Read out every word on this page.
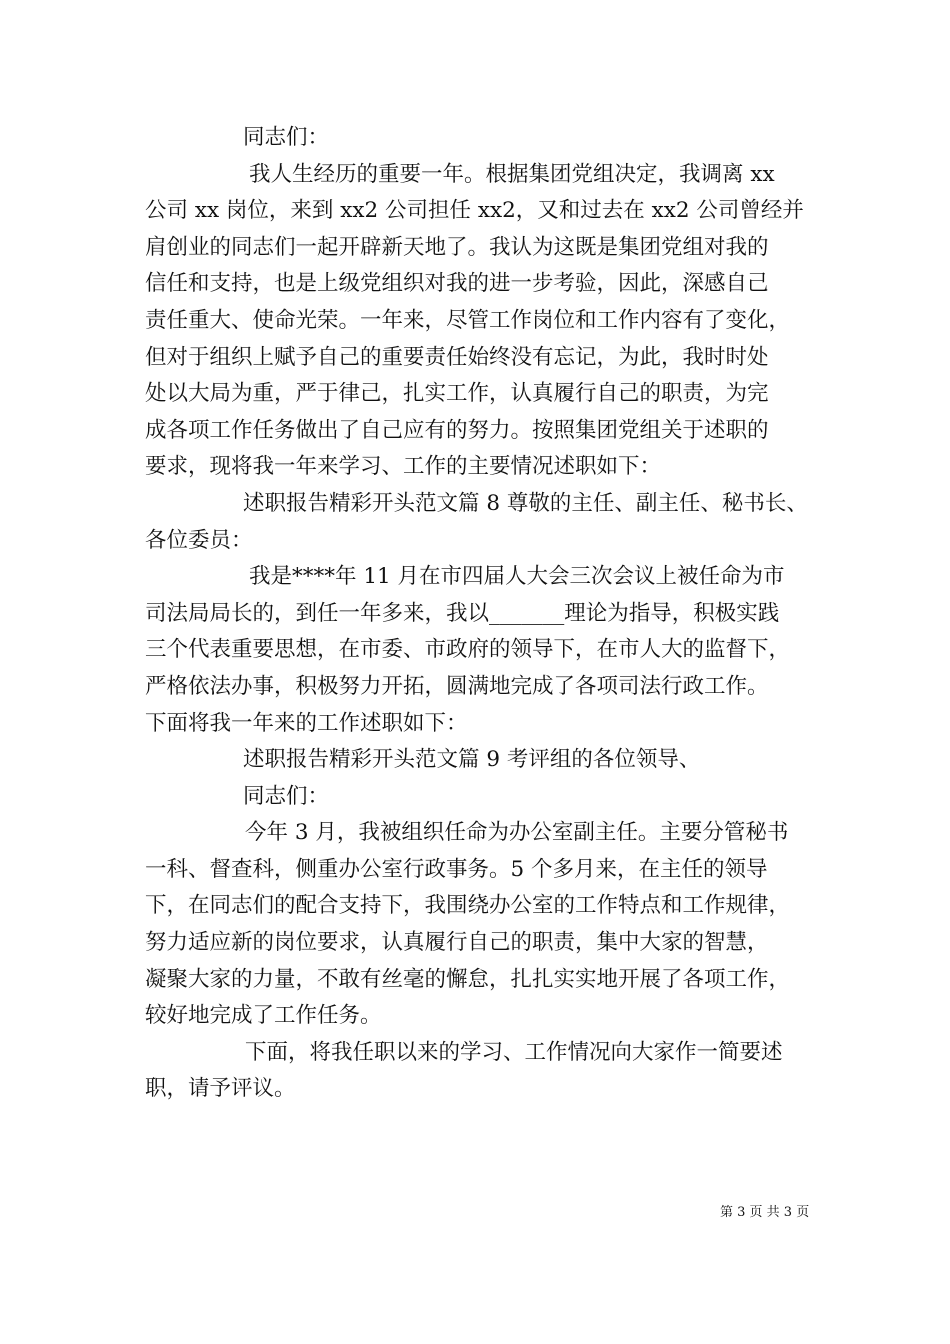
同志们：
我人生经历的重要一年。根据集团党组决定，我调离 xx
公司 xx 岗位，来到 xx2 公司担任 xx2，又和过去在 xx2 公司曾经并
肩创业的同志们一起开辟新天地了。我认为这既是集团党组对我的
信任和支持，也是上级党组织对我的进一步考验，因此，深感自己
责任重大、使命光荣。一年来，尽管工作岗位和工作内容有了变化，
但对于组织上赋予自己的重要责任始终没有忘记，为此，我时时处
处以大局为重，严于律己，扎实工作，认真履行自己的职责，为完
成各项工作任务做出了自己应有的努力。按照集团党组关于述职的
要求，现将我一年来学习、工作的主要情况述职如下：
述职报告精彩开头范文篇 8 尊敬的主任、副主任、秘书长、
各位委员：
我是****年 11 月在市四届人大会三次会议上被任命为市
司法局局长的，到任一年多来，我以_______理论为指导，积极实践
三个代表重要思想，在市委、市政府的领导下，在市人大的监督下，
严格依法办事，积极努力开拓，圆满地完成了各项司法行政工作。
下面将我一年来的工作述职如下：
述职报告精彩开头范文篇 9 考评组的各位领导、
同志们：
今年 3 月，我被组织任命为办公室副主任。主要分管秘书
一科、督查科，侧重办公室行政事务。5 个多月来，在主任的领导
下，在同志们的配合支持下，我围绕办公室的工作特点和工作规律，
努力适应新的岗位要求，认真履行自己的职责，集中大家的智慧，
凝聚大家的力量，不敢有丝毫的懈怠，扎扎实实地开展了各项工作，
较好地完成了工作任务。
下面，将我任职以来的学习、工作情况向大家作一简要述
职，请予评议。
第 3 页 共 3 页
